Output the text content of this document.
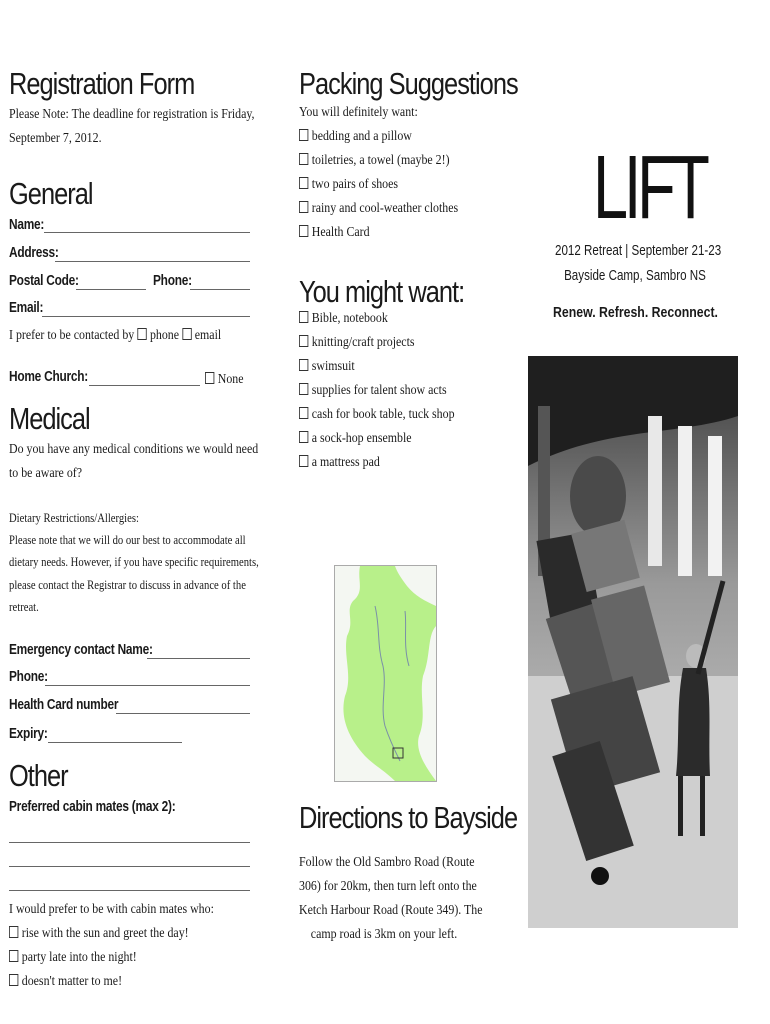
Registration Form
Please Note: The deadline for registration is Friday,
September 7, 2012.
General
Name:
Address:
Postal Code:	Phone:
Email:
I prefer to be contacted by phone email
Home Church:	None
Medical
Do you have any medical conditions we would need
to be aware of?
Dietary Restrictions/Allergies:
Please note that we will do our best to accommodate all
dietary needs. However, if you have specific requirements,
please contact the Registrar to discuss in advance of the
retreat.
Emergency contact Name:
Phone:
Health Card number
Expiry:
Other
Preferred cabin mates (max 2):
I would prefer to be with cabin mates who:
rise with the sun and greet the day!
party late into the night!
doesn't matter to me!
Packing Suggestions
You will definitely want:
bedding and a pillow
toiletries, a towel (maybe 2!)
two pairs of shoes
rainy and cool-weather clothes
Health Card
You might want:
Bible, notebook
knitting/craft projects
swimsuit
supplies for talent show acts
cash for book table, tuck shop
a sock-hop ensemble
a mattress pad
Directions to Bayside
Follow the Old Sambro Road (Route
306) for 20km, then turn left onto the
Ketch Harbour Road (Route 349). The
camp road is 3km on your left.
LIFT
2012 Retreat | September 21-23
Bayside Camp, Sambro NS
Renew. Refresh. Reconnect.
